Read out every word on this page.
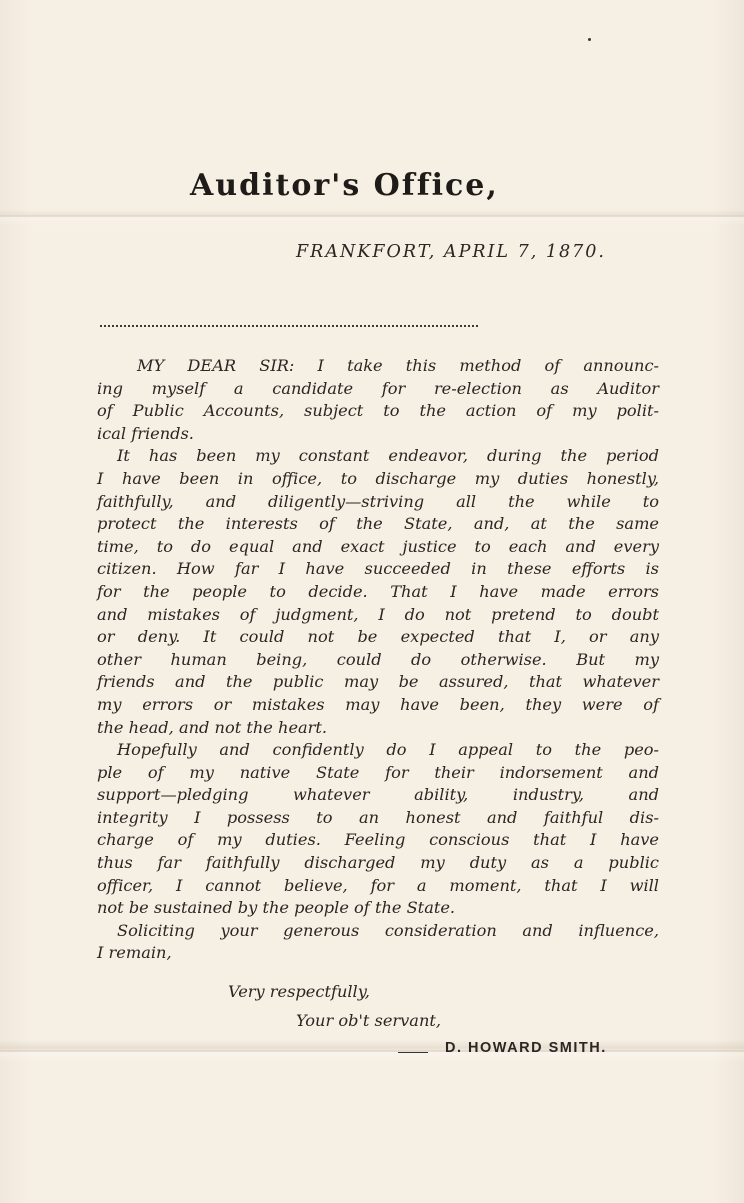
Auditor's Office,
FRANKFORT, APRIL 7, 1870.
MY DEAR SIR: I take this method of announc-
ing myself a candidate for re-election as Auditor
of Public Accounts, subject to the action of my polit-
ical friends.
It has been my constant endeavor, during the period
I have been in office, to discharge my duties honestly,
faithfully, and diligently—striving all the while to
protect the interests of the State, and, at the same
time, to do equal and exact justice to each and every
citizen. How far I have succeeded in these efforts is
for the people to decide. That I have made errors
and mistakes of judgment, I do not pretend to doubt
or deny. It could not be expected that I, or any
other human being, could do otherwise. But my
friends and the public may be assured, that whatever
my errors or mistakes may have been, they were of
the head, and not the heart.
Hopefully and confidently do I appeal to the peo-
ple of my native State for their indorsement and
support—pledging whatever ability, industry, and
integrity I possess to an honest and faithful dis-
charge of my duties. Feeling conscious that I have
thus far faithfully discharged my duty as a public
officer, I cannot believe, for a moment, that I will
not be sustained by the people of the State.
Soliciting your generous consideration and influence,
I remain,
Very respectfully,
Your ob't servant,
D. HOWARD SMITH.
